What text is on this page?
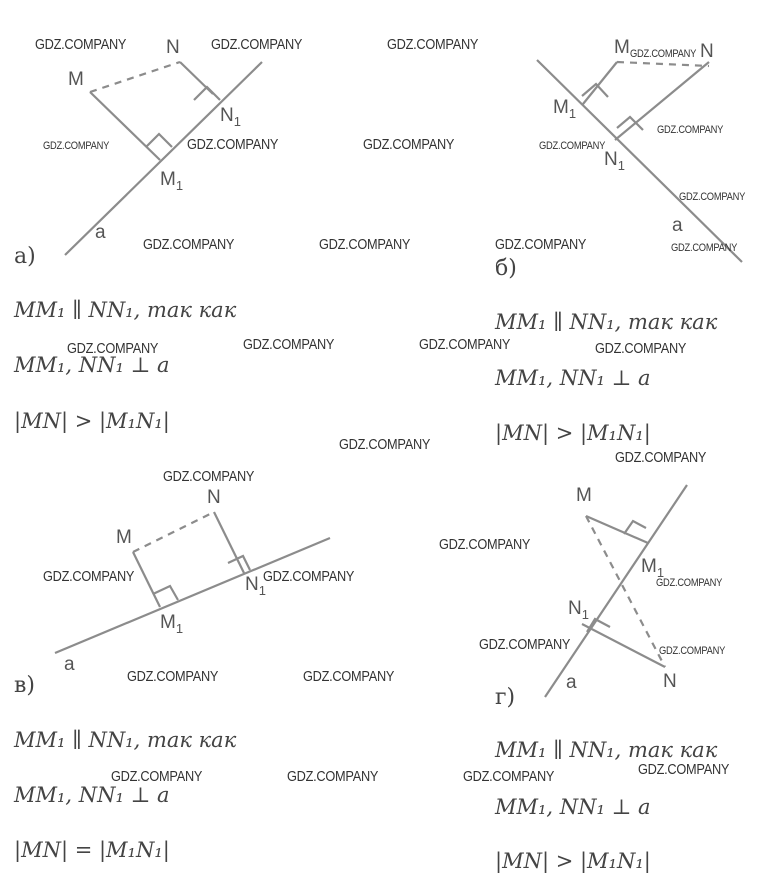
M
N
$N_1$
$M_1$
a
а)
MM₁ ∥ NN₁, так как
MM₁, NN₁ ⊥ a
|MN| > |M₁N₁|
M	N
$M_1$
$N_1$
a
б)
MM₁ ∥ NN₁, так как
MM₁, NN₁ ⊥ a
|MN| > |M₁N₁|
M
N
$N_1$
$M_1$
a
в)
MM₁ ∥ NN₁, так как
MM₁, NN₁ ⊥ a
|MN| = |M₁N₁|
M
$M_1$
$N_1$
N
a
г)
MM₁ ∥ NN₁, так как
MM₁, NN₁ ⊥ a
|MN| > |M₁N₁|
GDZ.COMPANY	GDZ.COMPANY	GDZ.COMPANY
GDZ.COMPANY
GDZ.COMPANY	GDZ.COMPANY	GDZ.COMPANY	GDZ.COMPANY
GDZ.COMPANY
GDZ.COMPANY
GDZ.COMPANY
GDZ.COMPANY	GDZ.COMPANY	GDZ.COMPANY
GDZ.COMPANY	GDZ.COMPANY	GDZ.COMPANY	GDZ.COMPANY
GDZ.COMPANY
GDZ.COMPANY
GDZ.COMPANY
GDZ.COMPANY
GDZ.COMPANY	GDZ.COMPANY	GDZ.COMPANY
GDZ.COMPANY	GDZ.COMPANY
GDZ.COMPANY	GDZ.COMPANY
GDZ.COMPANY
GDZ.COMPANY	GDZ.COMPANY	GDZ.COMPANY
